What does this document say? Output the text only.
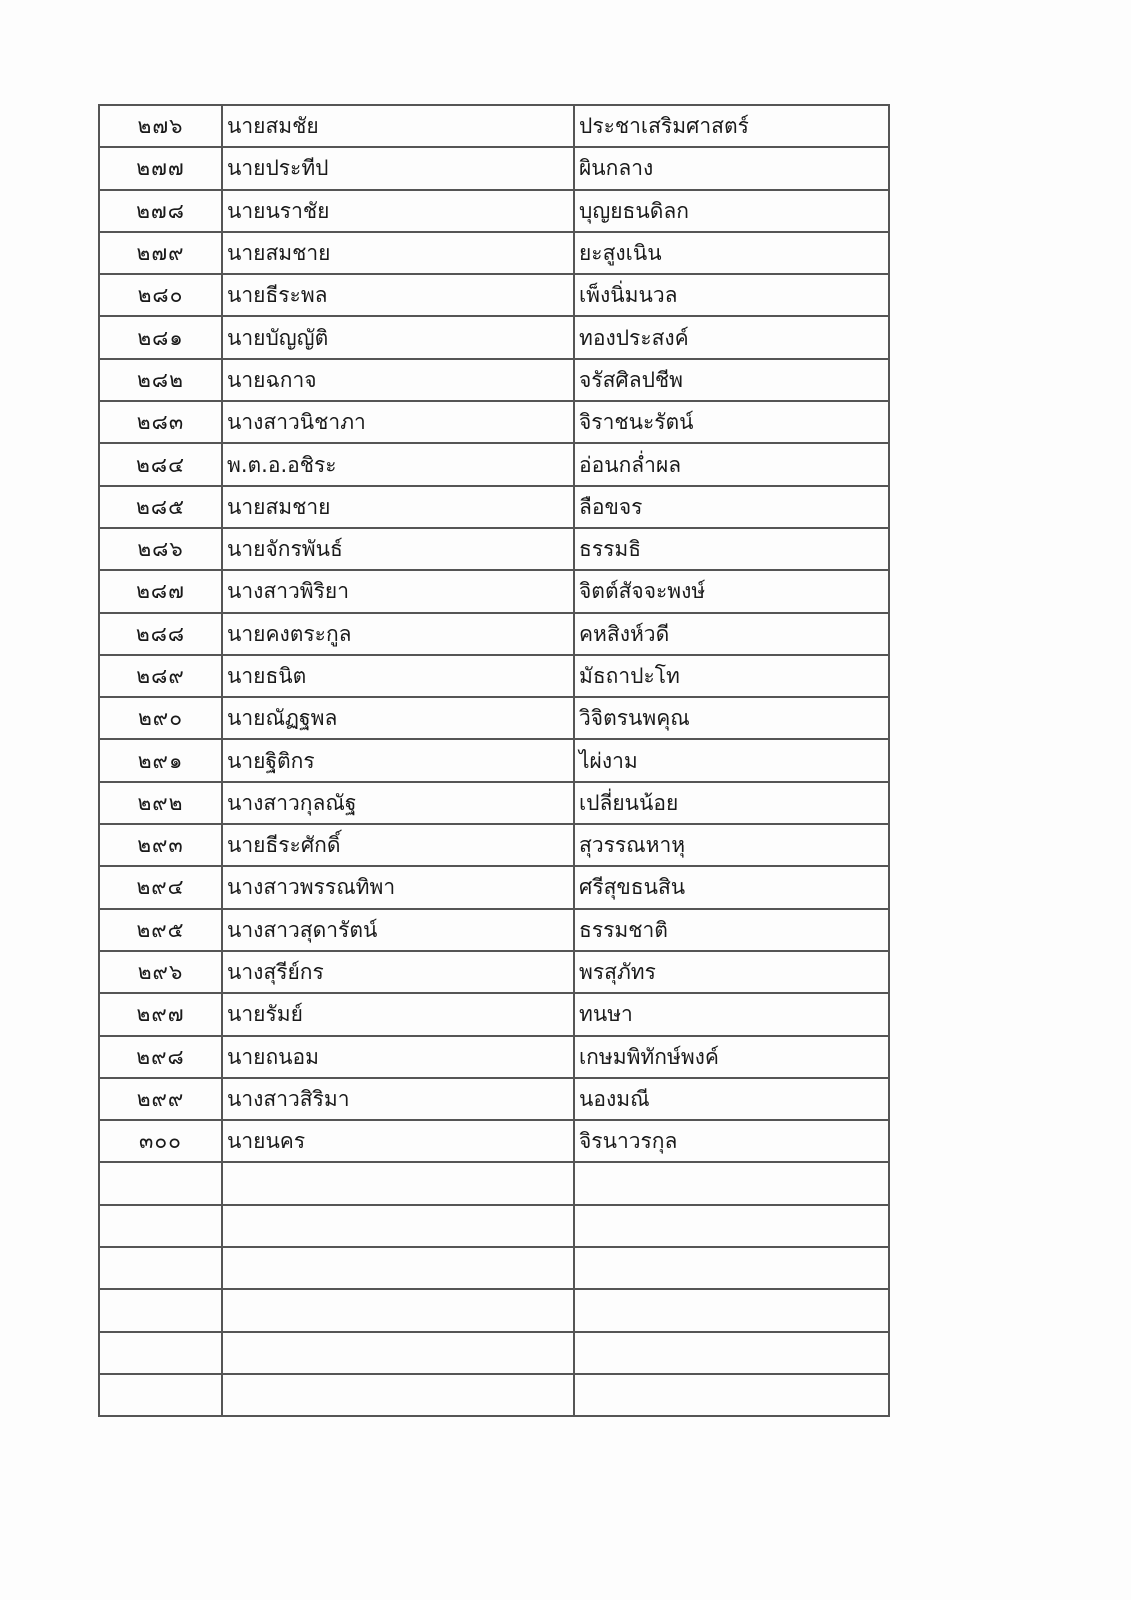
๒๗๖	นายสมชัย	ประชาเสริมศาสตร์
๒๗๗	นายประทีป	ผินกลาง
๒๗๘	นายนราชัย	บุญยธนดิลก
๒๗๙	นายสมชาย	ยะสูงเนิน
๒๘๐	นายธีระพล	เพ็งนิ่มนวล
๒๘๑	นายบัญญัติ	ทองประสงค์
๒๘๒	นายฉกาจ	จรัสศิลปชีพ
๒๘๓	นางสาวนิชาภา	จิราชนะรัตน์
๒๘๔	พ.ต.อ.อชิระ	อ่อนกล่ำผล
๒๘๕	นายสมชาย	ลือขจร
๒๘๖	นายจักรพันธ์	ธรรมธิ
๒๘๗	นางสาวพิริยา	จิตต์สัจจะพงษ์
๒๘๘	นายคงตระกูล	คหสิงห์วดี
๒๘๙	นายธนิต	มัธถาปะโท
๒๙๐	นายณัฏฐพล	วิจิตรนพคุณ
๒๙๑	นายฐิติกร	ไผ่งาม
๒๙๒	นางสาวกุลณัฐ	เปลี่ยนน้อย
๒๙๓	นายธีระศักดิ์	สุวรรณหาหุ
๒๙๔	นางสาวพรรณทิพา	ศรีสุขธนสิน
๒๙๕	นางสาวสุดารัตน์	ธรรมชาติ
๒๙๖	นางสุรีย์กร	พรสุภัทร
๒๙๗	นายรัมย์	ทนษา
๒๙๘	นายถนอม	เกษมพิทักษ์พงค์
๒๙๙	นางสาวสิริมา	นองมณี
๓๐๐	นายนคร	จิรนาวรกุล
